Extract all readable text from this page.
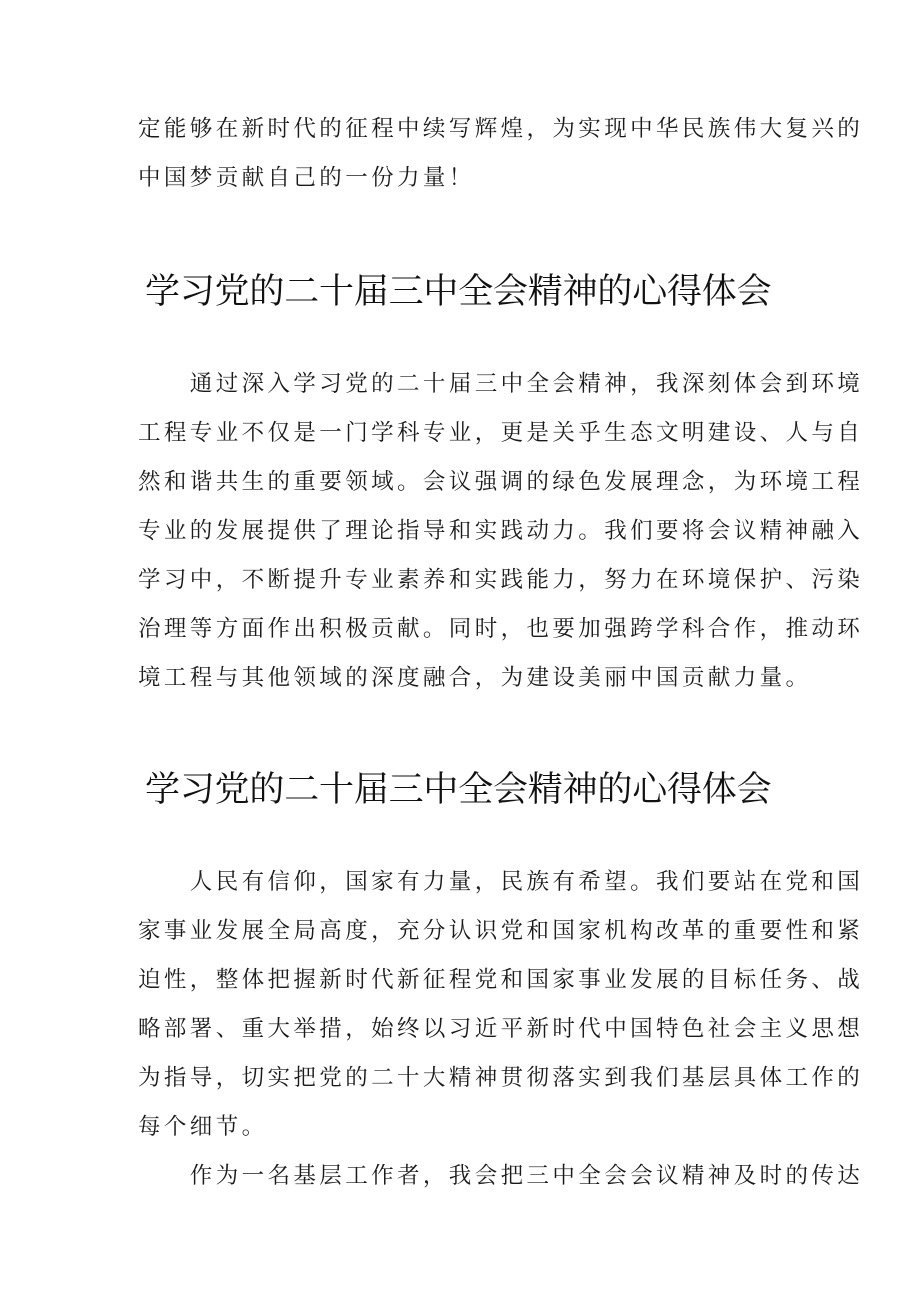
定能够在新时代的征程中续写辉煌，为实现中华民族伟大复兴的
中国梦贡献自己的一份力量！
学习党的二十届三中全会精神的心得体会
　　通过深入学习党的二十届三中全会精神，我深刻体会到环境
工程专业不仅是一门学科专业，更是关乎生态文明建设、人与自
然和谐共生的重要领域。会议强调的绿色发展理念，为环境工程
专业的发展提供了理论指导和实践动力。我们要将会议精神融入
学习中，不断提升专业素养和实践能力，努力在环境保护、污染
治理等方面作出积极贡献。同时，也要加强跨学科合作，推动环
境工程与其他领域的深度融合，为建设美丽中国贡献力量。
学习党的二十届三中全会精神的心得体会
　　人民有信仰，国家有力量，民族有希望。我们要站在党和国
家事业发展全局高度，充分认识党和国家机构改革的重要性和紧
迫性，整体把握新时代新征程党和国家事业发展的目标任务、战
略部署、重大举措，始终以习近平新时代中国特色社会主义思想
为指导，切实把党的二十大精神贯彻落实到我们基层具体工作的
每个细节。
　　作为一名基层工作者，我会把三中全会会议精神及时的传达
